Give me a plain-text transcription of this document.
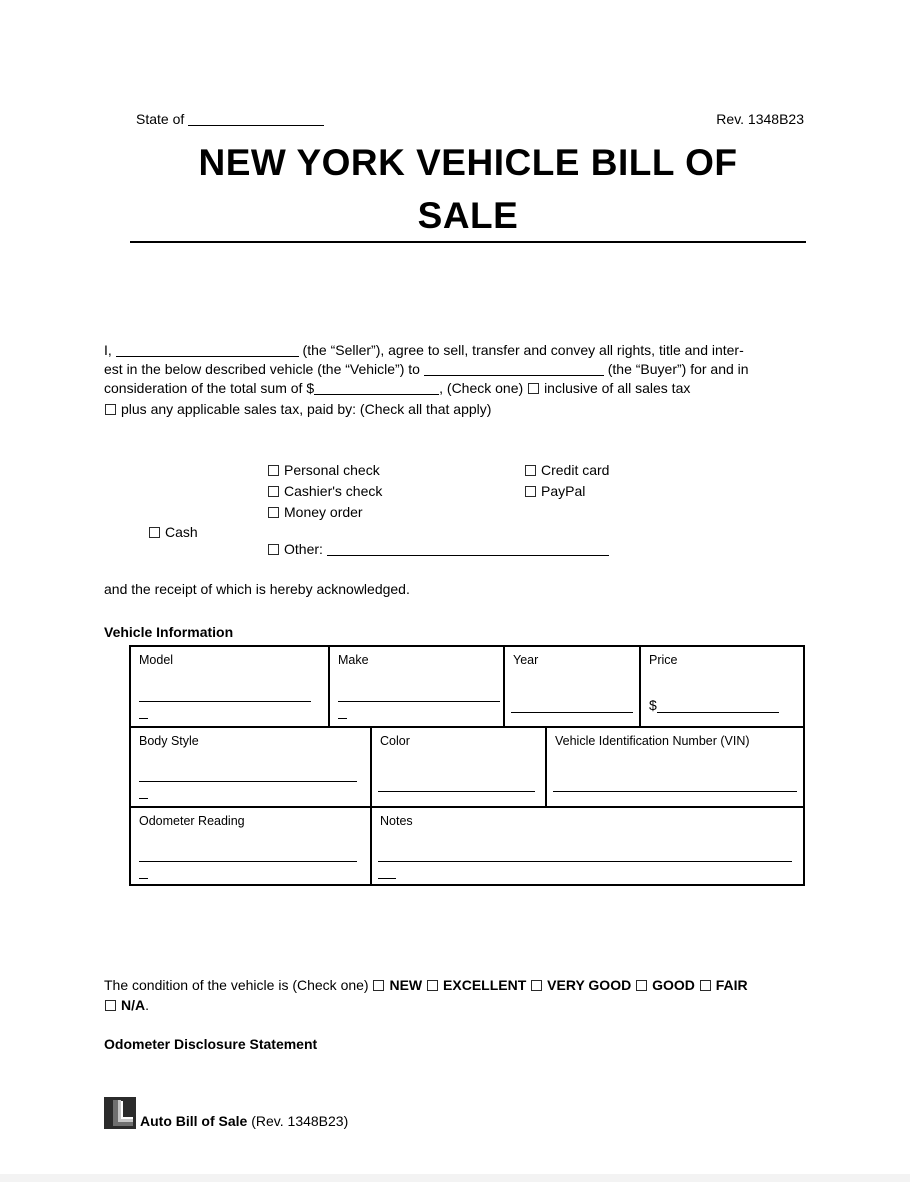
State of	Rev. 1348B23
NEW YORK VEHICLE BILL OF
SALE
I,	(the “Seller”), agree to sell, transfer and convey all rights, title and inter-
est in the below described vehicle (the “Vehicle”) to	(the “Buyer”) for and in
consideration of the total sum of $	, (Check one) inclusive of all sales tax
plus any applicable sales tax, paid by: (Check all that apply)
Personal check
Cashier's check
Money order
Cash
Credit card
PayPal
Other:
and the receipt of which is hereby acknowledged.
Vehicle Information
Model	Make	Year	Price
$
Body Style	Color	Vehicle Identification Number (VIN)
Odometer Reading	Notes
The condition of the vehicle is (Check one) NEW EXCELLENT VERY GOOD GOOD FAIR
N/A.
Odometer Disclosure Statement
Auto Bill of Sale (Rev. 1348B23)
